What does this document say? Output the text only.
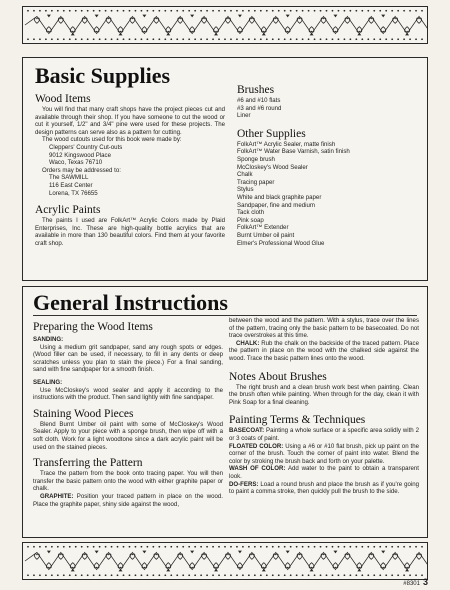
Basic Supplies
Wood Items

You will find that many craft shops have the project pieces cut and available through their shop. If you have someone to cut the wood or cut it yourself, 1/2" and 3/4" pine were used for these projects. The design patterns can serve also as a pattern for cutting.

The wood cutouts used for this book were made by:

Cleppers' Country Cut-outs
9012 Kingswood Place
Waco, Texas 76710

Orders may be addressed to:

The SAWMILL
116 East Center
Lorena, TX 76655
Acrylic Paints

The paints I used are FolkArt™ Acrylic Colors made by Plaid Enterprises, Inc. These are high-quality bottle acrylics that are available in more than 130 beautiful colors. Find them at your favorite craft shop.

Brushes
#6 and #10 flats
#3 and #6 round
Liner
Other Supplies
FolkArt™ Acrylic Sealer, matte finish
FolkArt™ Water Base Varnish, satin finish
Sponge brush
McCloskey's Wood Sealer
Chalk
Tracing paper
Stylus
White and black graphite paper
Sandpaper, fine and medium
Tack cloth
Pink soap
FolkArt™ Extender
Burnt Umber oil paint
Elmer's Professional Wood Glue
General Instructions
Preparing the Wood Items
SANDING:

Using a medium grit sandpaper, sand any rough spots or edges. (Wood filler can be used, if necessary, to fill in any dents or deep scratches unless you plan to stain the piece.) For a final sanding, sand with fine sandpaper for a smooth finish.

SEALING:

Use McCloskey's wood sealer and apply it according to the instructions with the product. Then sand lightly with fine sandpaper.

Staining Wood Pieces

Blend Burnt Umber oil paint with some of McCloskey's Wood Sealer. Apply to your piece with a sponge brush, then wipe off with a soft cloth. Work for a light woodtone since a dark acrylic paint will be used on the stained pieces.

Transferring the Pattern

Trace the pattern from the book onto tracing paper. You will then transfer the basic pattern onto the wood with either graphite paper or chalk.

GRAPHITE: Position your traced pattern in place on the wood. Place the graphite paper, shiny side against the wood,

between the wood and the pattern. With a stylus, trace over the lines of the pattern, tracing only the basic pattern to be basecoated. Do not trace overstrokes at this time.

CHALK: Rub the chalk on the backside of the traced pattern. Place the pattern in place on the wood with the chalked side against the wood. Trace the basic pattern lines onto the wood.

Notes About Brushes

The right brush and a clean brush work best when painting. Clean the brush often while painting. When through for the day, clean it with Pink Soap for a final cleaning.

Painting Terms & Techniques

BASECOAT: Painting a whole surface or a specific area solidly with 2 or 3 coats of paint.

FLOATED COLOR: Using a #6 or #10 flat brush, pick up paint on the corner of the brush. Touch the corner of paint into water. Blend the color by stroking the brush back and forth on your palette.

WASH OF COLOR: Add water to the paint to obtain a transparent look.

DO-FERS: Load a round brush and place the brush as if you're going to paint a comma stroke, then quickly pull the brush to the side.

#8301 3
